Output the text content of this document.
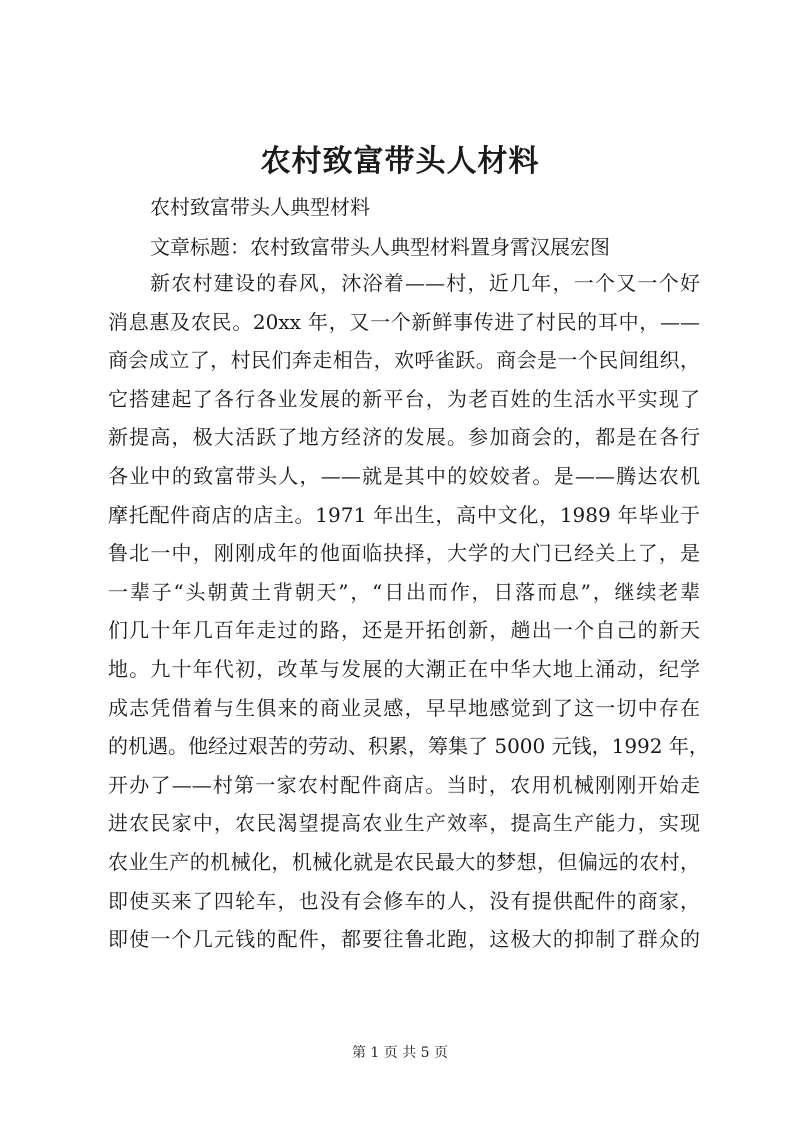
农村致富带头人材料
农村致富带头人典型材料
文章标题：农村致富带头人典型材料置身霄汉展宏图
新农村建设的春风，沐浴着——村，近几年，一个又一个好
消息惠及农民。20xx 年，又一个新鲜事传进了村民的耳中，——
商会成立了，村民们奔走相告，欢呼雀跃。商会是一个民间组织，
它搭建起了各行各业发展的新平台，为老百姓的生活水平实现了
新提高，极大活跃了地方经济的发展。参加商会的，都是在各行
各业中的致富带头人，——就是其中的姣姣者。是——腾达农机
摩托配件商店的店主。1971 年出生，高中文化，1989 年毕业于
鲁北一中，刚刚成年的他面临抉择，大学的大门已经关上了，是
一辈子“头朝黄土背朝天”，“日出而作，日落而息”，继续老辈
们几十年几百年走过的路，还是开拓创新，趟出一个自己的新天
地。九十年代初，改革与发展的大潮正在中华大地上涌动，纪学
成志凭借着与生俱来的商业灵感，早早地感觉到了这一切中存在
的机遇。他经过艰苦的劳动、积累，筹集了 5000 元钱，1992 年，
开办了——村第一家农村配件商店。当时，农用机械刚刚开始走
进农民家中，农民渴望提高农业生产效率，提高生产能力，实现
农业生产的机械化，机械化就是农民最大的梦想，但偏远的农村，
即使买来了四轮车，也没有会修车的人，没有提供配件的商家，
即使一个几元钱的配件，都要往鲁北跑，这极大的抑制了群众的
第 1 页 共 5 页
